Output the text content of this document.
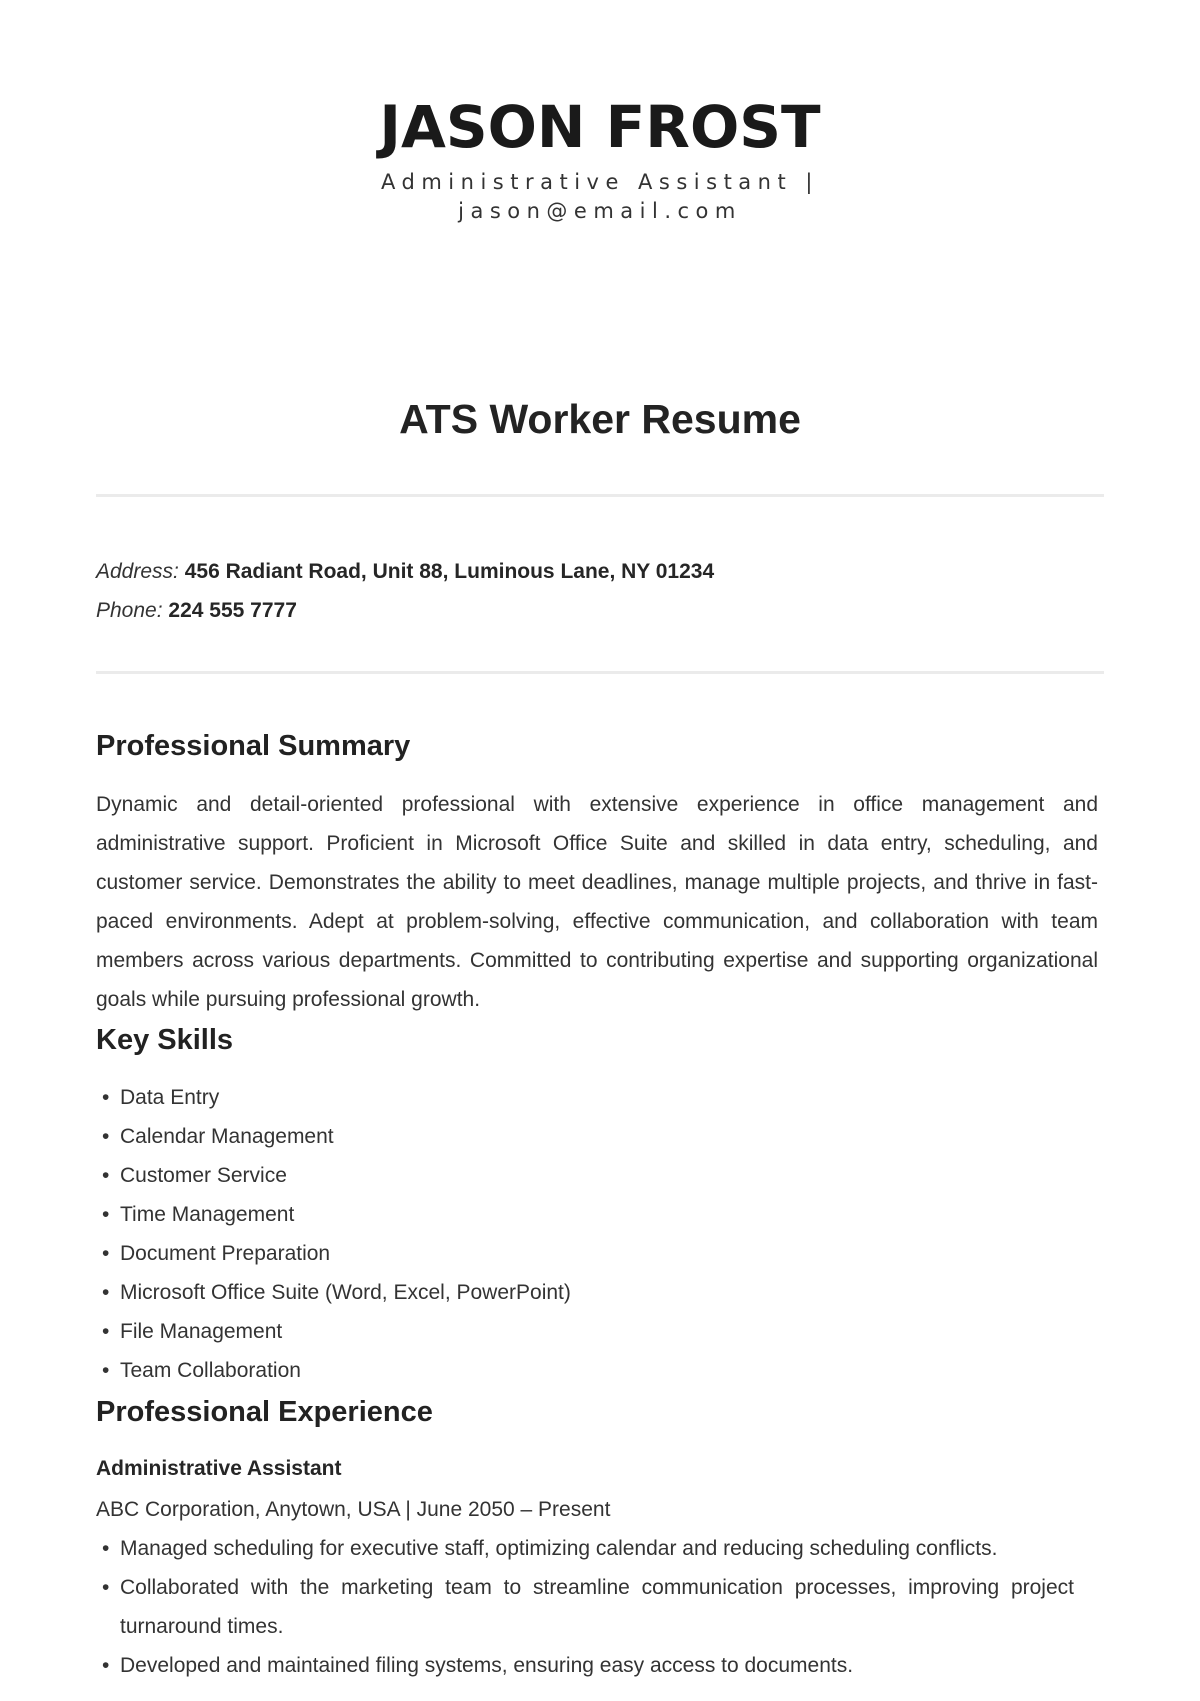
JASON FROST
Administrative Assistant |
jason@email.com
ATS Worker Resume
Address: 456 Radiant Road, Unit 88, Luminous Lane, NY 01234
Phone: 224 555 7777
Professional Summary
Dynamic and detail-oriented professional with extensive experience in office management and administrative support. Proficient in Microsoft Office Suite and skilled in data entry, scheduling, and customer service. Demonstrates the ability to meet deadlines, manage multiple projects, and thrive in fast-paced environments. Adept at problem-solving, effective communication, and collaboration with team members across various departments. Committed to contributing expertise and supporting organizational goals while pursuing professional growth.
Key Skills
• Data Entry
• Calendar Management
• Customer Service
• Time Management
• Document Preparation
• Microsoft Office Suite (Word, Excel, PowerPoint)
• File Management
• Team Collaboration
Professional Experience
Administrative Assistant
ABC Corporation, Anytown, USA | June 2050 – Present
• Managed scheduling for executive staff, optimizing calendar and reducing scheduling conflicts.
• Collaborated with the marketing team to streamline communication processes, improving project turnaround times.
• Developed and maintained filing systems, ensuring easy access to documents.
